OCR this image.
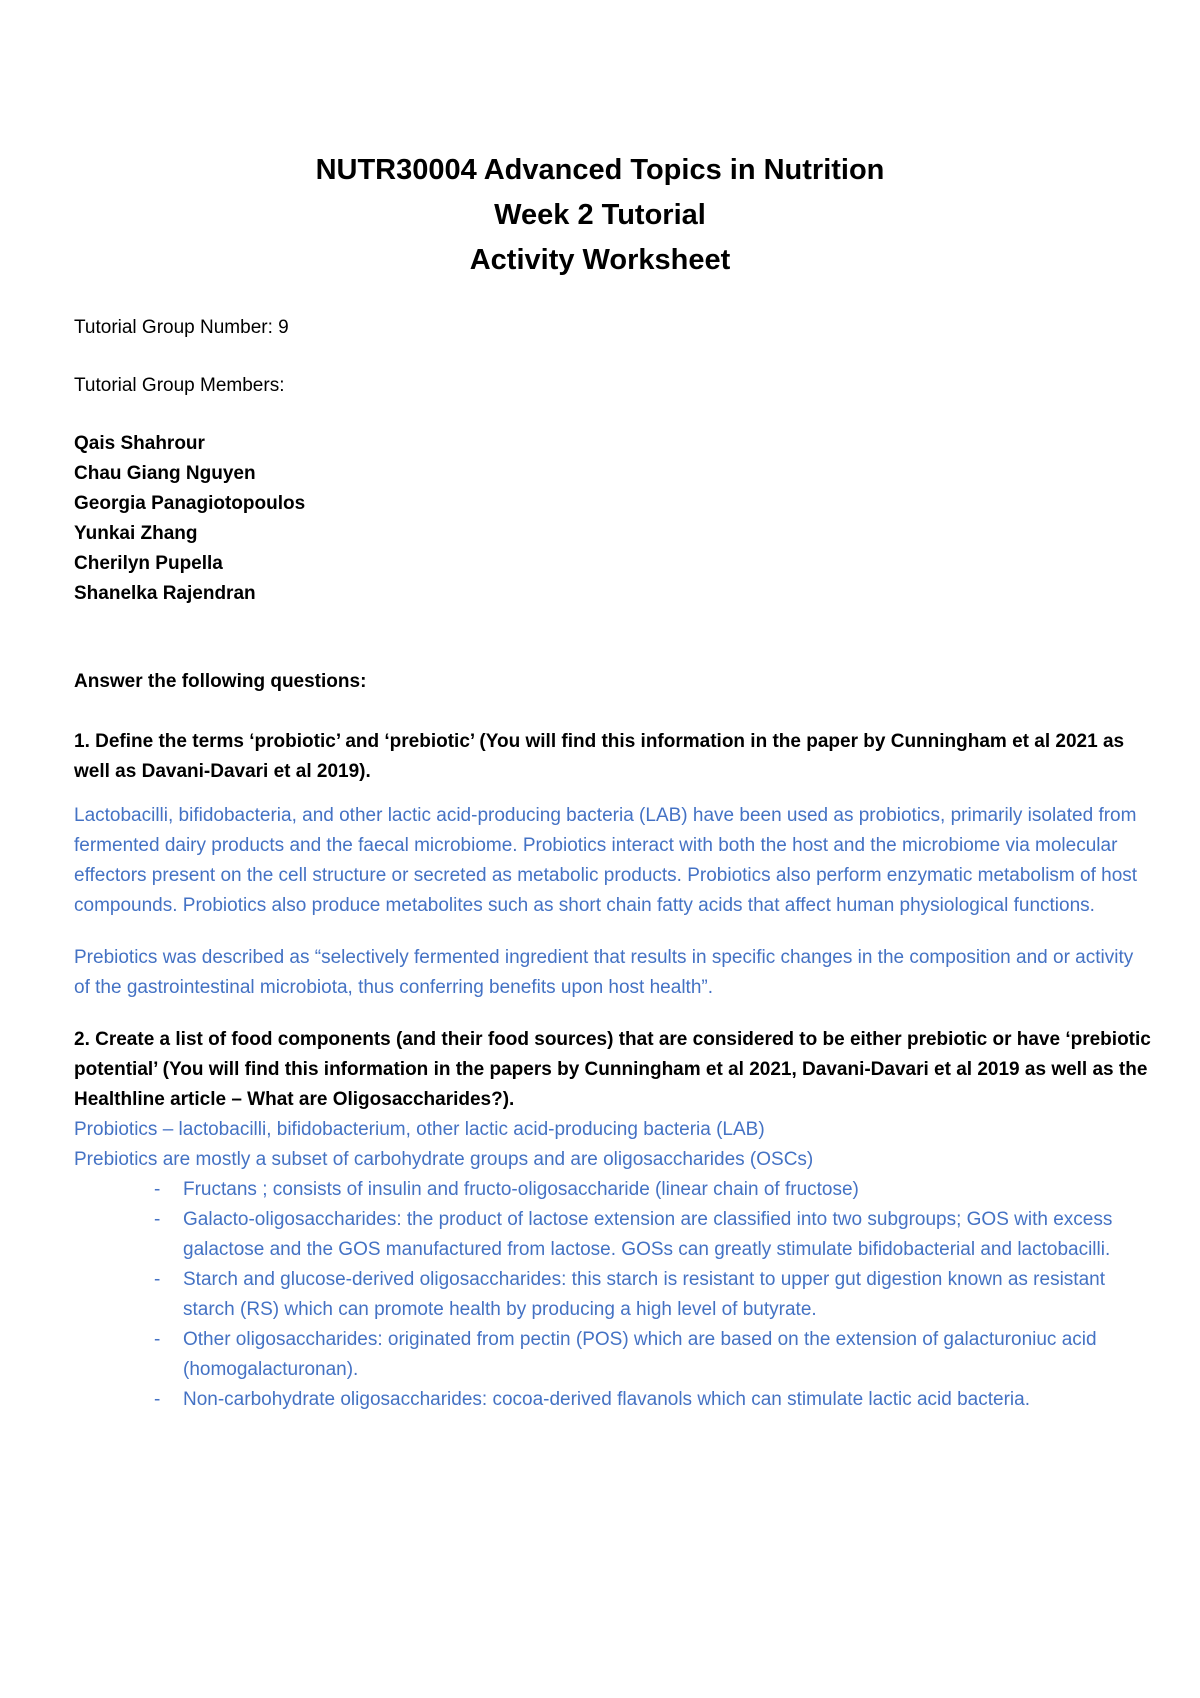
NUTR30004 Advanced Topics in Nutrition
Week 2 Tutorial
Activity Worksheet
Tutorial Group Number: 9
Tutorial Group Members:
Qais Shahrour
Chau Giang Nguyen
Georgia Panagiotopoulos
Yunkai Zhang
Cherilyn Pupella
Shanelka Rajendran
Answer the following questions:
1. Define the terms ‘probiotic’ and ‘prebiotic’ (You will find this information in the paper by Cunningham et al 2021 as well as Davani-Davari et al 2019).
Lactobacilli, bifidobacteria, and other lactic acid-producing bacteria (LAB) have been used as probiotics, primarily isolated from fermented dairy products and the faecal microbiome. Probiotics interact with both the host and the microbiome via molecular effectors present on the cell structure or secreted as metabolic products. Probiotics also perform enzymatic metabolism of host compounds. Probiotics also produce metabolites such as short chain fatty acids that affect human physiological functions.
Prebiotics was described as “selectively fermented ingredient that results in specific changes in the composition and or activity of the gastrointestinal microbiota, thus conferring benefits upon host health”.
2. Create a list of food components (and their food sources) that are considered to be either prebiotic or have ‘prebiotic potential’ (You will find this information in the papers by Cunningham et al 2021, Davani-Davari et al 2019 as well as the Healthline article – What are Oligosaccharides?).
Probiotics – lactobacilli, bifidobacterium, other lactic acid-producing bacteria (LAB)
Prebiotics are mostly a subset of carbohydrate groups and are oligosaccharides (OSCs)
- Fructans ; consists of insulin and fructo-oligosaccharide (linear chain of fructose)
- Galacto-oligosaccharides: the product of lactose extension are classified into two subgroups; GOS with excess galactose and the GOS manufactured from lactose. GOSs can greatly stimulate bifidobacterial and lactobacilli.
- Starch and glucose-derived oligosaccharides: this starch is resistant to upper gut digestion known as resistant starch (RS) which can promote health by producing a high level of butyrate.
- Other oligosaccharides: originated from pectin (POS) which are based on the extension of galacturoniuc acid (homogalacturonan).
- Non-carbohydrate oligosaccharides: cocoa-derived flavanols which can stimulate lactic acid bacteria.
